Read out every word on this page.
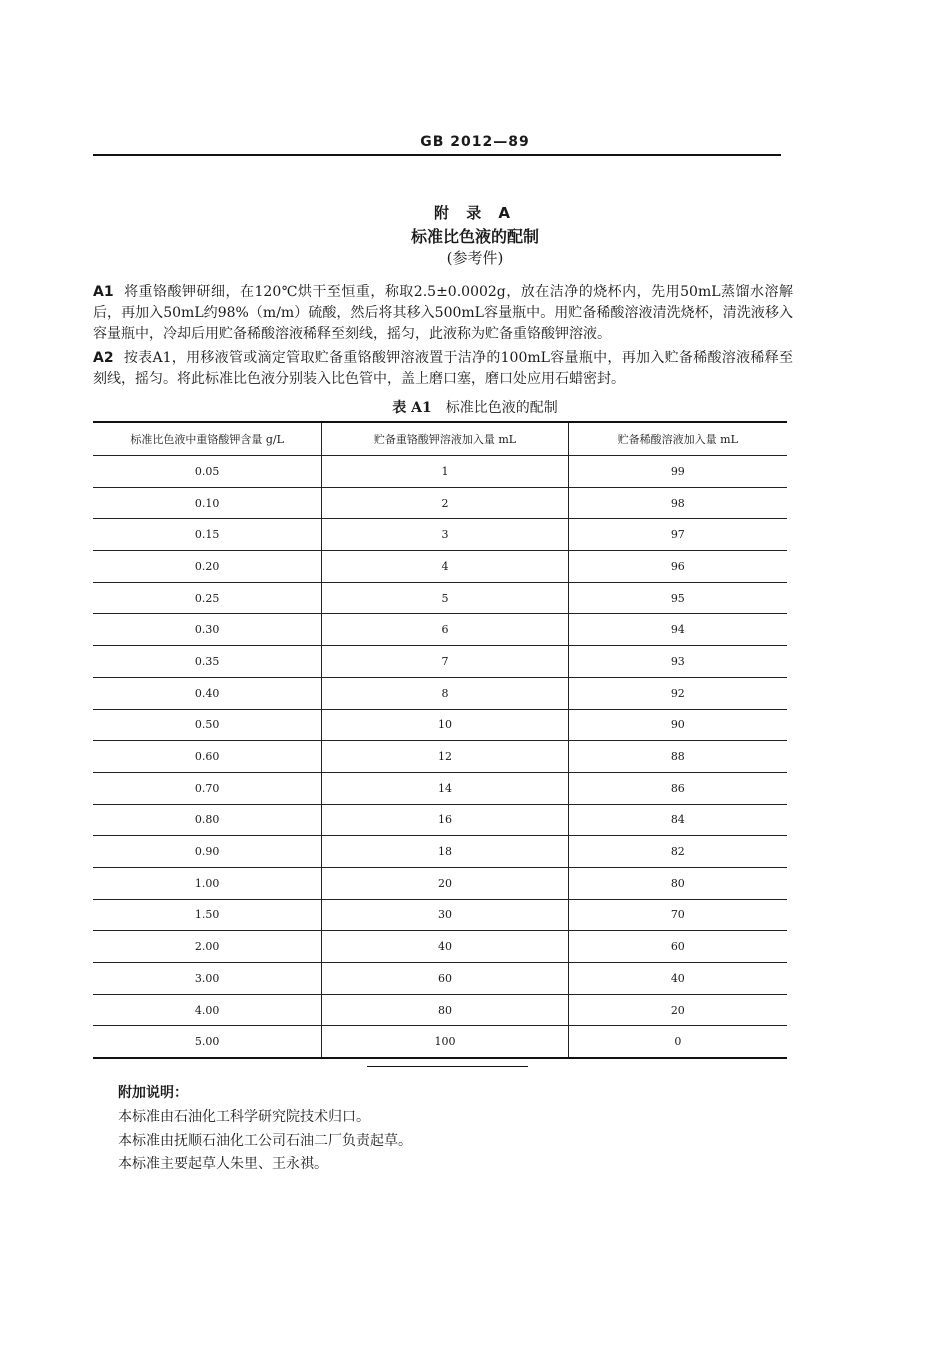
GB 2012—89
附 录 A
标准比色液的配制
(参考件)
A1 将重铬酸钾研细，在120℃烘干至恒重，称取2.5±0.0002g，放在洁净的烧杯内，先用50mL蒸馏水溶解后，再加入50mL约98%（m/m）硫酸，然后将其移入500mL容量瓶中。用贮备稀酸溶液清洗烧杯，清洗液移入容量瓶中，冷却后用贮备稀酸溶液稀释至刻线，摇匀，此液称为贮备重铬酸钾溶液。
A2 按表A1，用移液管或滴定管取贮备重铬酸钾溶液置于洁净的100mL容量瓶中，再加入贮备稀酸溶液稀释至刻线，摇匀。将此标准比色液分别装入比色管中，盖上磨口塞，磨口处应用石蜡密封。
表 A1 标准比色液的配制
标准比色液中重铬酸钾含量 g/L	贮备重铬酸钾溶液加入量 mL	贮备稀酸溶液加入量 mL
0.05	1	99
0.10	2	98
0.15	3	97
0.20	4	96
0.25	5	95
0.30	6	94
0.35	7	93
0.40	8	92
0.50	10	90
0.60	12	88
0.70	14	86
0.80	16	84
0.90	18	82
1.00	20	80
1.50	30	70
2.00	40	60
3.00	60	40
4.00	80	20
5.00	100	0
附加说明：
本标准由石油化工科学研究院技术归口。
本标准由抚顺石油化工公司石油二厂负责起草。
本标准主要起草人朱里、王永祺。
